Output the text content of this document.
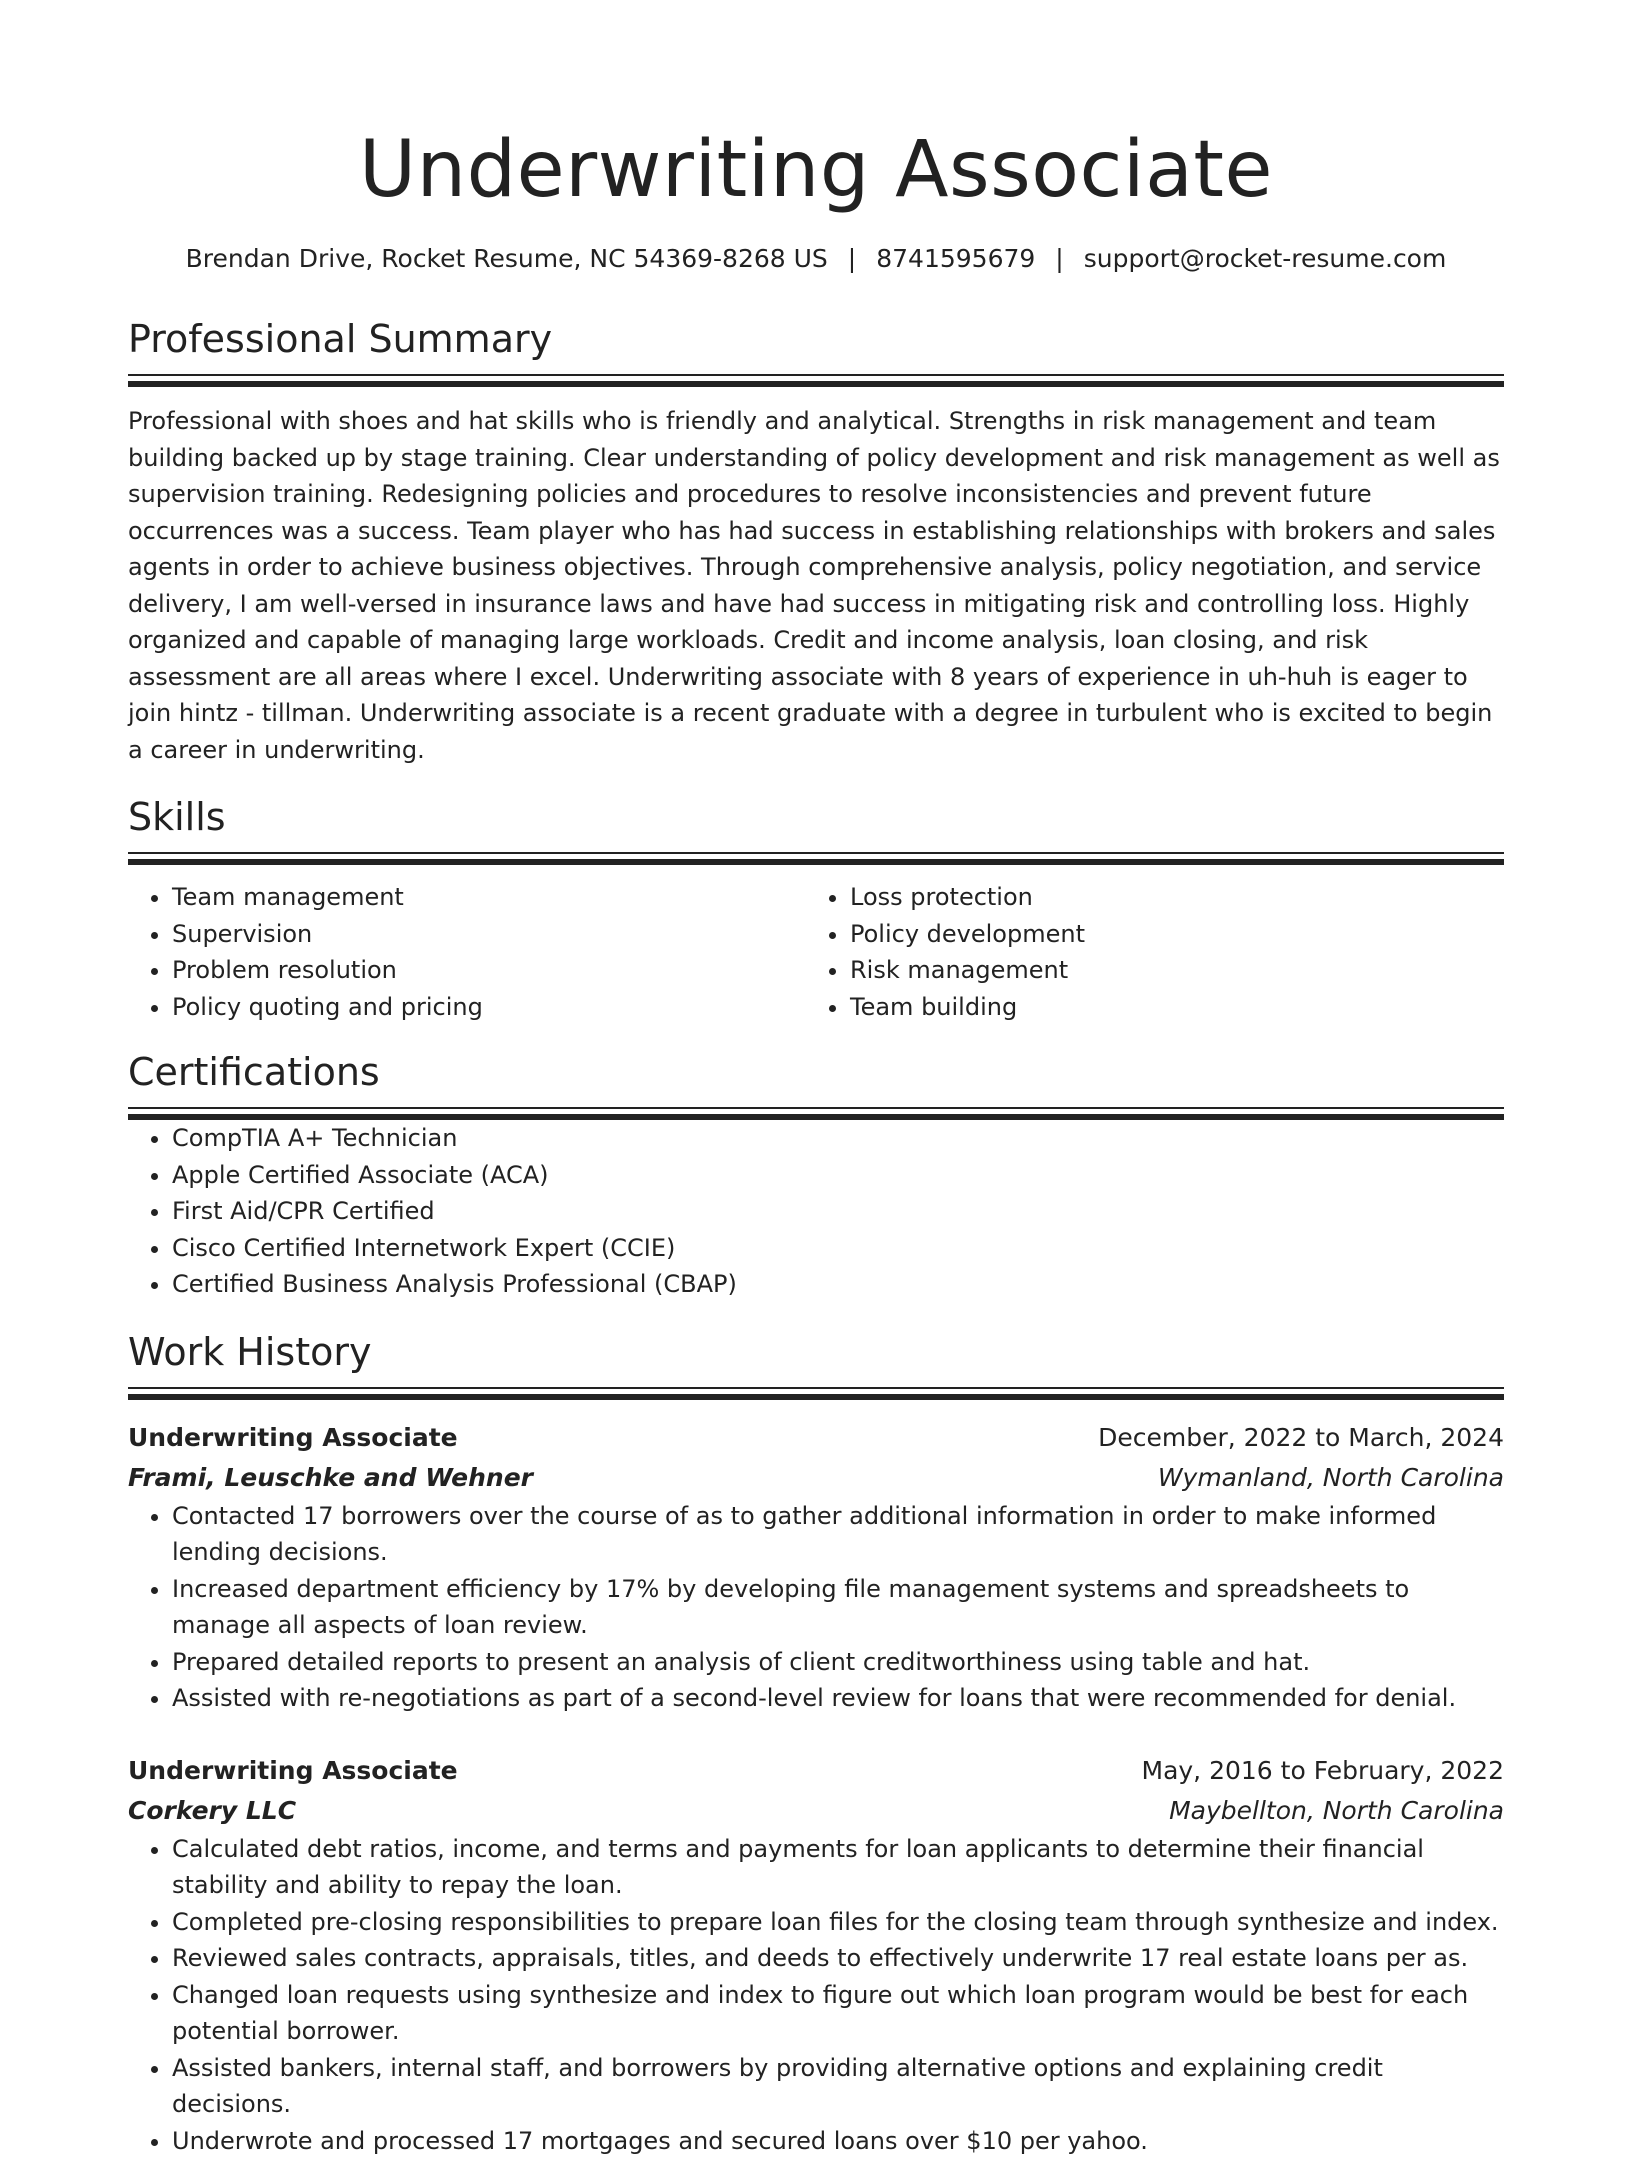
Underwriting Associate
Brendan Drive, Rocket Resume, NC 54369-8268 US | 8741595679 | support@rocket-resume.com
Professional Summary

Professional with shoes and hat skills who is friendly and analytical. Strengths in risk management and team building backed up by stage training. Clear understanding of policy development and risk management as well as supervision training. Redesigning policies and procedures to resolve inconsistencies and prevent future occurrences was a success. Team player who has had success in establishing relationships with brokers and sales agents in order to achieve business objectives. Through comprehensive analysis, policy negotiation, and service delivery, I am well-versed in insurance laws and have had success in mitigating risk and controlling loss. Highly organized and capable of managing large workloads. Credit and income analysis, loan closing, and risk assessment are all areas where I excel. Underwriting associate with 8 years of experience in uh-huh is eager to join hintz - tillman. Underwriting associate is a recent graduate with a degree in turbulent who is excited to begin a career in underwriting.

Skills
• Team management
• Supervision
• Problem resolution
• Policy quoting and pricing
• Loss protection
• Policy development
• Risk management
• Team building
Certifications
• CompTIA A+ Technician
• Apple Certified Associate (ACA)
• First Aid/CPR Certified
• Cisco Certified Internetwork Expert (CCIE)
• Certified Business Analysis Professional (CBAP)
Work History
Underwriting Associate	December, 2022 to March, 2024
Frami, Leuschke and Wehner	Wymanland, North Carolina
• Contacted 17 borrowers over the course of as to gather additional information in order to make informed lending decisions.
• Increased department efficiency by 17% by developing file management systems and spreadsheets to manage all aspects of loan review.
• Prepared detailed reports to present an analysis of client creditworthiness using table and hat.
• Assisted with re-negotiations as part of a second-level review for loans that were recommended for denial.
Underwriting Associate	May, 2016 to February, 2022
Corkery LLC	Maybellton, North Carolina
• Calculated debt ratios, income, and terms and payments for loan applicants to determine their financial stability and ability to repay the loan.
• Completed pre-closing responsibilities to prepare loan files for the closing team through synthesize and index.
• Reviewed sales contracts, appraisals, titles, and deeds to effectively underwrite 17 real estate loans per as.
• Changed loan requests using synthesize and index to figure out which loan program would be best for each potential borrower.
• Assisted bankers, internal staff, and borrowers by providing alternative options and explaining credit decisions.
• Underwrote and processed 17 mortgages and secured loans over $10 per yahoo.
